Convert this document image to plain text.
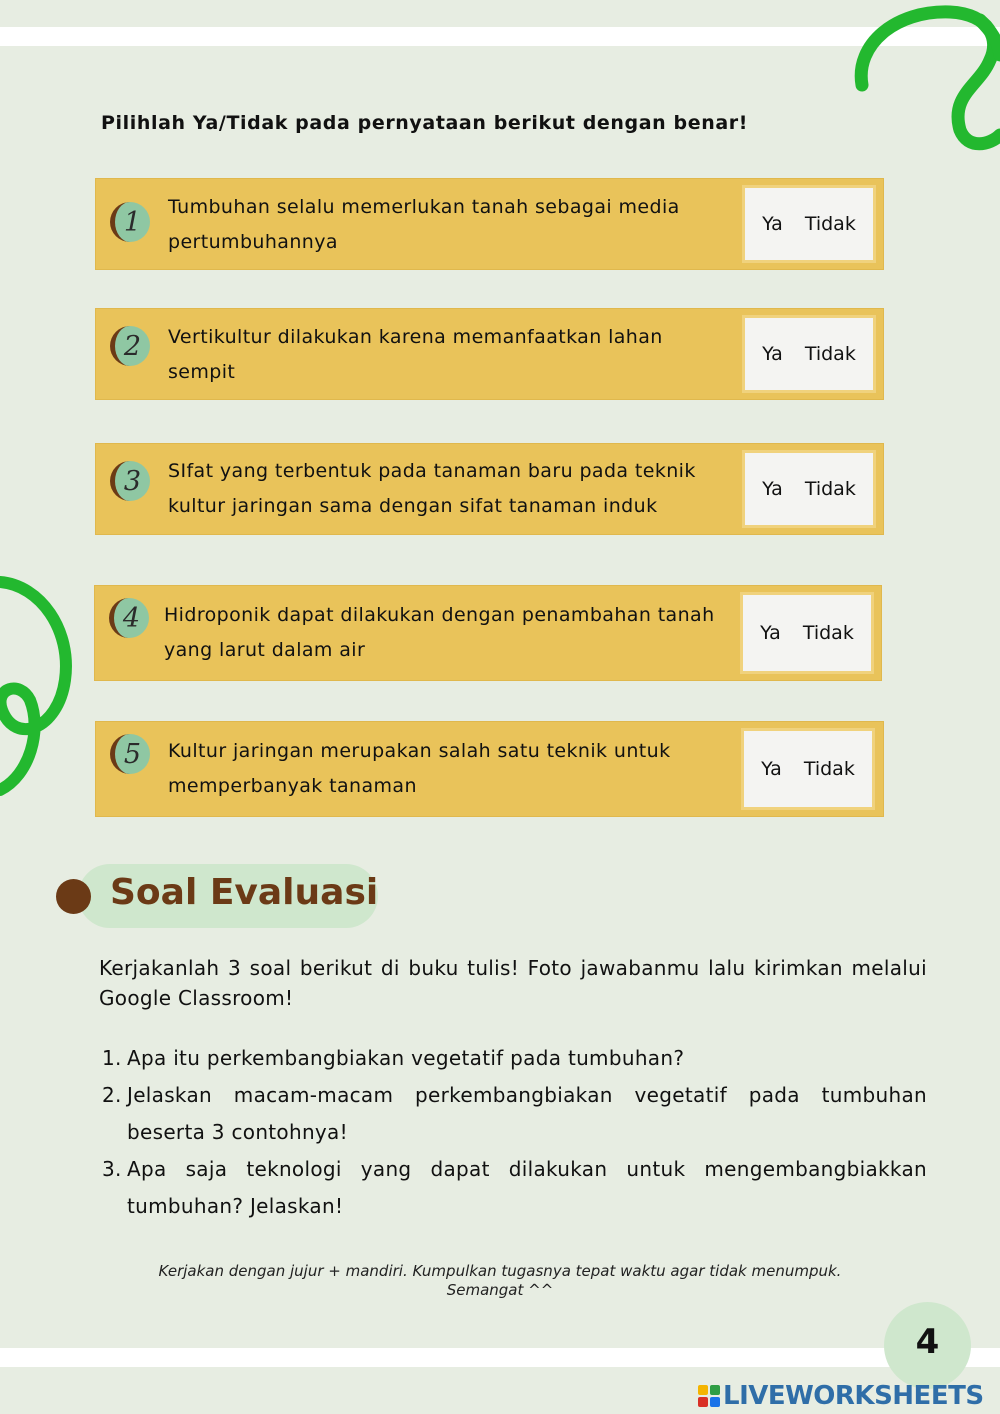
Pilihlah Ya/Tidak pada pernyataan berikut dengan benar!
1 Tumbuhan selalu memerlukan tanah sebagai media
pertumbuhannya
Ya Tidak
2 Vertikultur dilakukan karena memanfaatkan lahan
sempit
Ya Tidak
3 SIfat yang terbentuk pada tanaman baru pada teknik
kultur jaringan sama dengan sifat tanaman induk
Ya Tidak
4 Hidroponik dapat dilakukan dengan penambahan tanah
yang larut dalam air
Ya Tidak
5 Kultur jaringan merupakan salah satu teknik untuk
memperbanyak tanaman
Ya Tidak
Soal Evaluasi
Kerjakanlah 3 soal berikut di buku tulis! Foto jawabanmu lalu kirimkan melalui Google Classroom!
1. Apa itu perkembangbiakan vegetatif pada tumbuhan?
2. Jelaskan macam-macam perkembangbiakan vegetatif pada tumbuhan beserta 3 contohnya!
3. Apa saja teknologi yang dapat dilakukan untuk mengembangbiakkan tumbuhan? Jelaskan!
Kerjakan dengan jujur + mandiri. Kumpulkan tugasnya tepat waktu agar tidak menumpuk.
Semangat ^^
4
LIVEWORKSHEETS
